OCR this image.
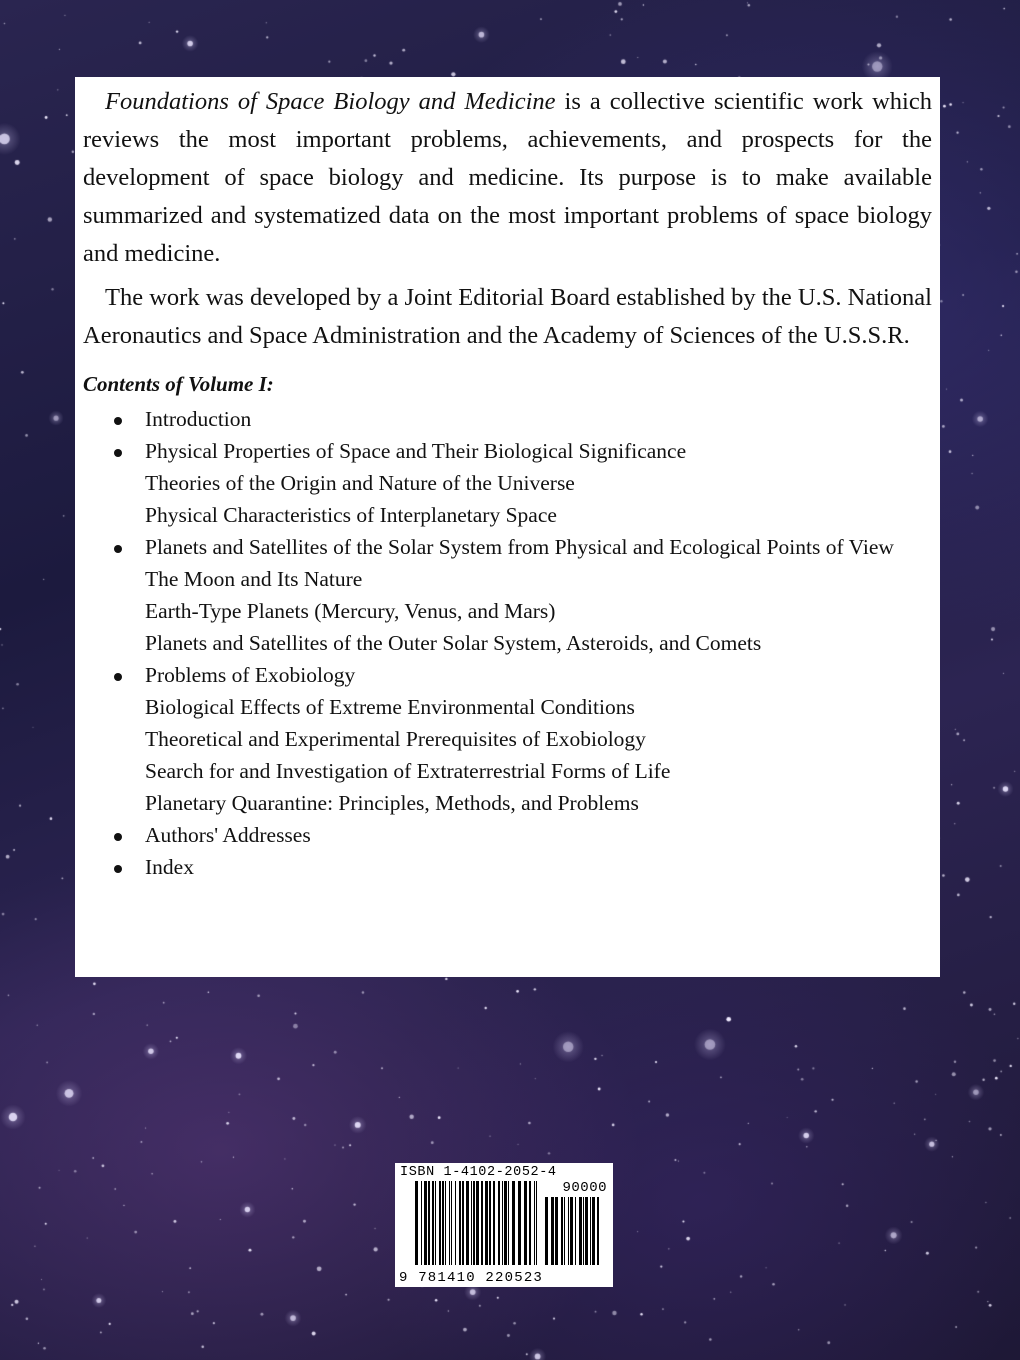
Foundations of Space Biology and Medicine is a collective scientific work which reviews the most important problems, achievements, and prospects for the development of space biology and medicine. Its purpose is to make available summarized and systematized data on the most important problems of space biology and medicine.

The work was developed by a Joint Editorial Board established by the U.S. National Aeronautics and Space Administration and the Academy of Sciences of the U.S.S.R.

Contents of Volume I:
Introduction
Physical Properties of Space and Their Biological Significance
Theories of the Origin and Nature of the Universe
Physical Characteristics of Interplanetary Space
Planets and Satellites of the Solar System from Physical and Ecological Points of View
The Moon and Its Nature
Earth-Type Planets (Mercury, Venus, and Mars)
Planets and Satellites of the Outer Solar System, Asteroids, and Comets
Problems of Exobiology
Biological Effects of Extreme Environmental Conditions
Theoretical and Experimental Prerequisites of Exobiology
Search for and Investigation of Extraterrestrial Forms of Life
Planetary Quarantine: Principles, Methods, and Problems
Authors' Addresses
Index
ISBN 1-4102-2052-4
90000
9 781410 220523
